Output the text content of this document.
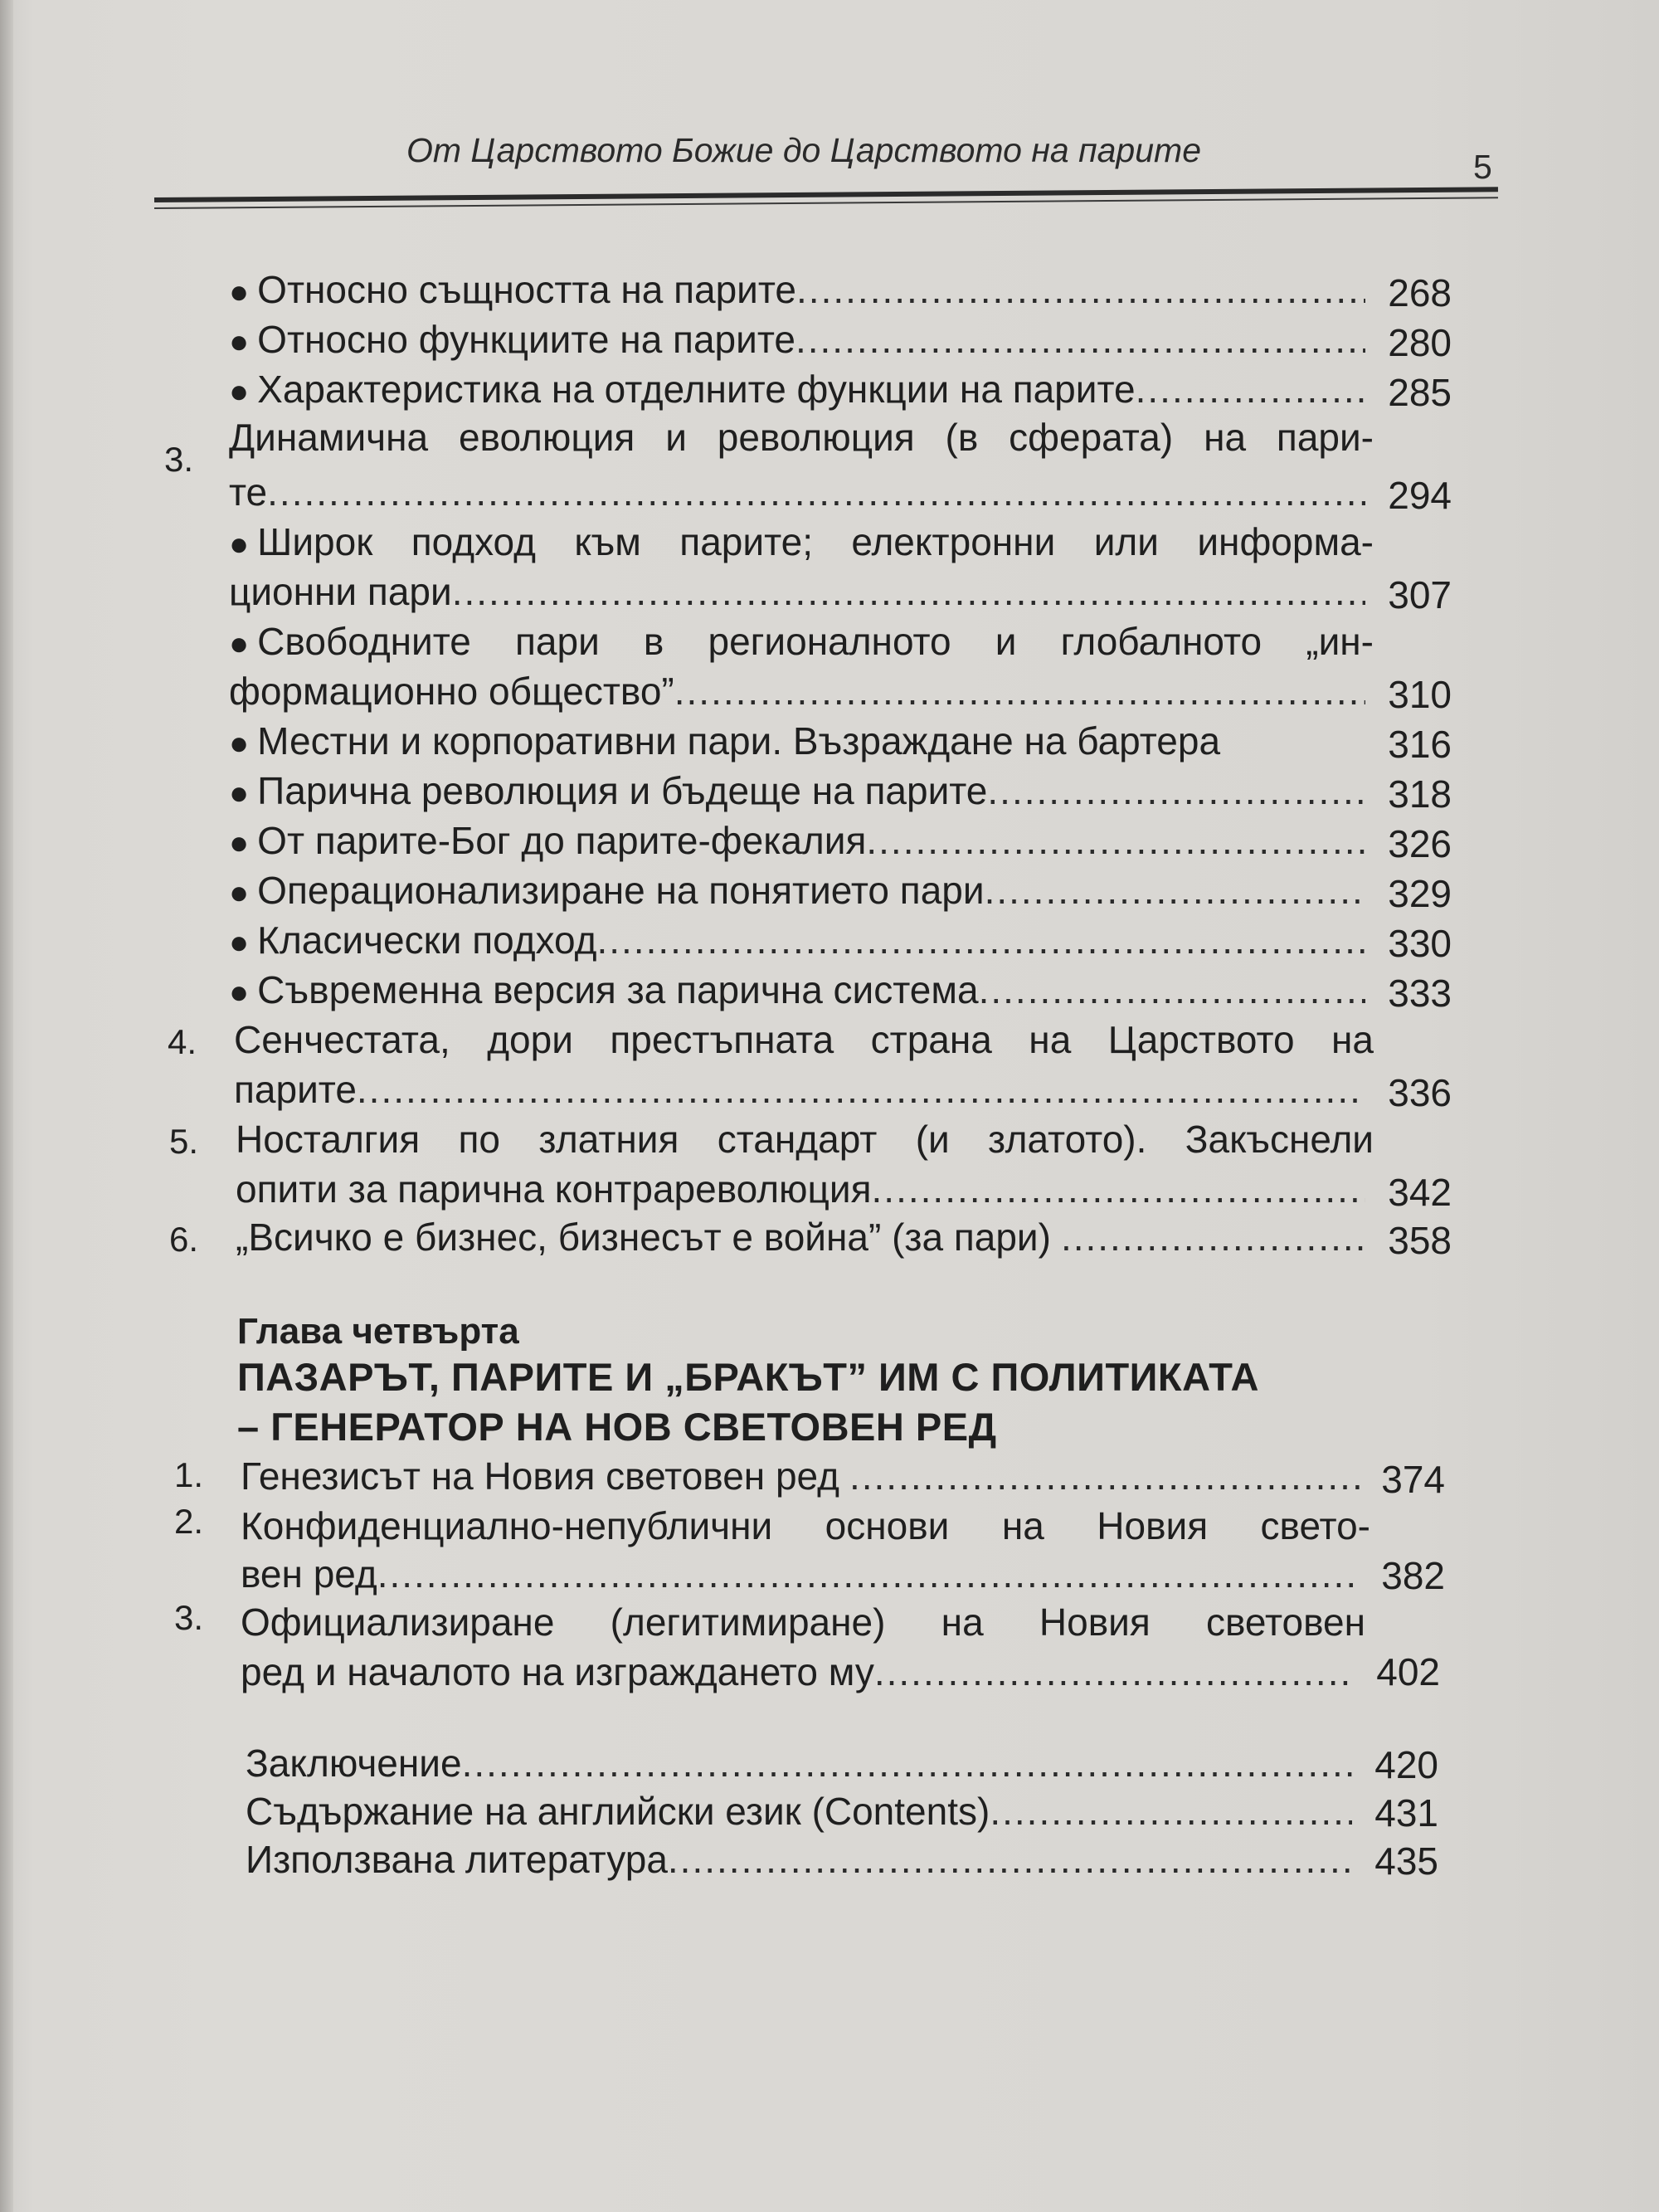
От Царството Божие до Царството на парите	5
● Относно същността на парите .....	268
● Относно функциите на парите .....	280
● Характеристика на отделните функции на парите .....	285
3.
Динамична еволюция и революция (в сферата) на пари-
те .....	294
● Широк подход към парите; електронни или информа-
ционни пари .....	307
● Свободните пари в регионалното и глобалното „ин-
формационно общество” .....	310
● Местни и корпоративни пари. Възраждане на бартера	316
● Парична революция и бъдеще на парите .....	318
● От парите-Бог до парите-фекалия .....	326
● Операционализиране на понятието пари .....	329
● Класически подход .....	330
● Съвременна версия за парична система .....	333
4. Сенчестата, дори престъпната страна на Царството на
парите .....	336
5. Носталгия по златния стандарт (и златото). Закъснели
опити за парична контрареволюция .....	342
6. „Всичко е бизнес, бизнесът е война” (за пари) .....	358
Глава четвърта
ПАЗАРЪТ, ПАРИТЕ И „БРАКЪТ” ИМ С ПОЛИТИКАТА
– ГЕНЕРАТОР НА НОВ СВЕТОВЕН РЕД
1. Генезисът на Новия световен ред .....	374
2. Конфиденциално-непублични основи на Новия свето-
вен ред .....	382
3. Официализиране (легитимиране) на Новия световен
ред и началото на изграждането му .....	402
Заключение .....	420
Съдържание на английски език (Contents) .....	431
Използвана литература .....	435
